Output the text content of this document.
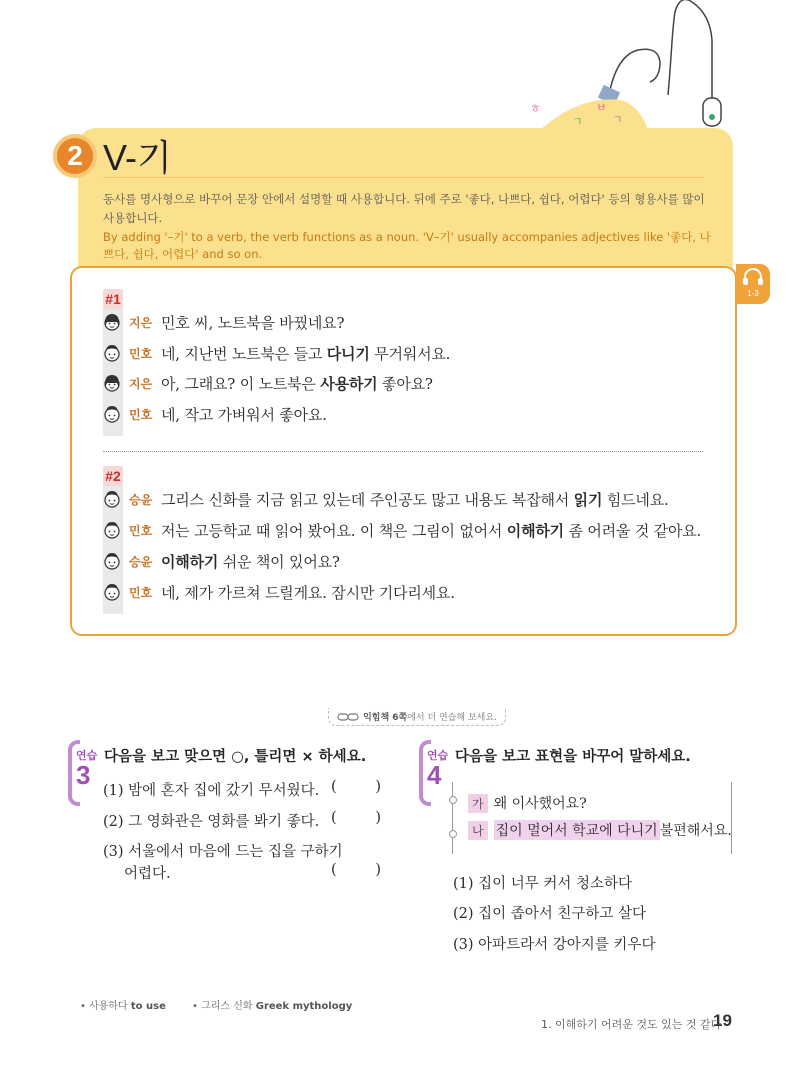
ㅎ
ㄱ
ㅂ
ㄱ
2 V-기
동사를 명사형으로 바꾸어 문장 안에서 설명할 때 사용합니다. 뒤에 주로 '좋다, 나쁘다, 쉽다, 어렵다' 등의 형용사를 많이 사용합니다.
By adding '–기' to a verb, the verb functions as a noun. 'V–기' usually accompanies adjectives like '좋다, 나쁘다, 쉽다, 어렵다' and so on.
1-3
#1
지은 민호 씨, 노트북을 바꿨네요?
민호 네, 지난번 노트북은 들고 다니기 무거워서요.
지은 아, 그래요? 이 노트북은 사용하기 좋아요?
민호 네, 작고 가벼워서 좋아요.
#2
승윤 그리스 신화를 지금 읽고 있는데 주인공도 많고 내용도 복잡해서 읽기 힘드네요.
민호 저는 고등학교 때 읽어 봤어요. 이 책은 그림이 없어서 이해하기 좀 어려울 것 같아요.
승윤 이해하기 쉬운 책이 있어요?
민호 네, 제가 가르쳐 드릴게요. 잠시만 기다리세요.
익힘책 6쪽에서 더 연습해 보세요.
연습
3
다음을 보고 맞으면 ○, 틀리면 × 하세요.
(1) 밤에 혼자 집에 갔기 무서웠다. (	)
(2) 그 영화관은 영화를 봐기 좋다. (	)
(3) 서울에서 마음에 드는 집을 구하기
어렵다.	(	)
연습
4
다음을 보고 표현을 바꾸어 말하세요.
가 왜 이사했어요?
나 집이 멀어서 학교에 다니기 불편해서요.
(1) 집이 너무 커서 청소하다
(2) 집이 좁아서 친구하고 살다
(3) 아파트라서 강아지를 키우다
• 사용하다 to use	• 그리스 신화 Greek mythology
1. 이해하기 어려운 것도 있는 것 같다
19
